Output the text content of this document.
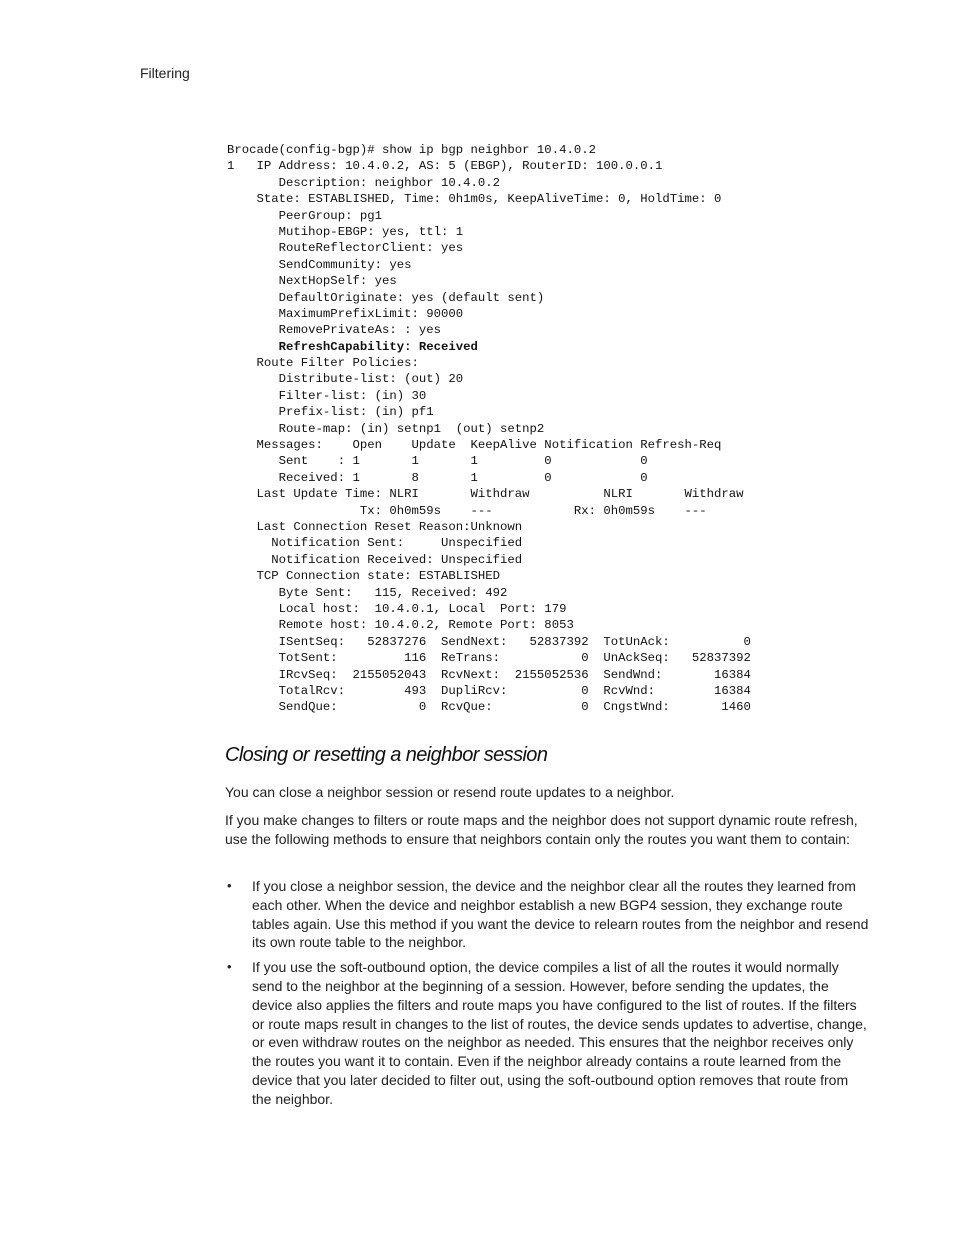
Filtering
Brocade(config-bgp)# show ip bgp neighbor 10.4.0.2
1   IP Address: 10.4.0.2, AS: 5 (EBGP), RouterID: 100.0.0.1
Description: neighbor 10.4.0.2
State: ESTABLISHED, Time: 0h1m0s, KeepAliveTime: 0, HoldTime: 0
PeerGroup: pg1
Mutihop-EBGP: yes, ttl: 1
RouteReflectorClient: yes
SendCommunity: yes
NextHopSelf: yes
DefaultOriginate: yes (default sent)
MaximumPrefixLimit: 90000
RemovePrivateAs: : yes
RefreshCapability: Received
Route Filter Policies:
Distribute-list: (out) 20
Filter-list: (in) 30
Prefix-list: (in) pf1
Route-map: (in) setnp1  (out) setnp2
Messages:    Open    Update  KeepAlive Notification Refresh-Req
Sent    : 1       1       1         0            0
Received: 1       8       1         0            0
Last Update Time: NLRI       Withdraw          NLRI       Withdraw
Tx: 0h0m59s    ---           Rx: 0h0m59s    ---
Last Connection Reset Reason:Unknown
Notification Sent:     Unspecified
Notification Received: Unspecified
TCP Connection state: ESTABLISHED
Byte Sent:   115, Received: 492
Local host:  10.4.0.1, Local  Port: 179
Remote host: 10.4.0.2, Remote Port: 8053
ISentSeq:   52837276  SendNext:   52837392  TotUnAck:          0
TotSent:         116  ReTrans:           0  UnAckSeq:   52837392
IRcvSeq:  2155052043  RcvNext:  2155052536  SendWnd:       16384
TotalRcv:        493  DupliRcv:          0  RcvWnd:        16384
SendQue:           0  RcvQue:            0  CngstWnd:       1460
Closing or resetting a neighbor session

You can close a neighbor session or resend route updates to a neighbor.

If you make changes to filters or route maps and the neighbor does not support dynamic route refresh, use the following methods to ensure that neighbors contain only the routes you want them to contain:

• If you close a neighbor session, the device and the neighbor clear all the routes they learned from each other. When the device and neighbor establish a new BGP4 session, they exchange route tables again. Use this method if you want the device to relearn routes from the neighbor and resend its own route table to the neighbor.
• If you use the soft-outbound option, the device compiles a list of all the routes it would normally send to the neighbor at the beginning of a session. However, before sending the updates, the device also applies the filters and route maps you have configured to the list of routes. If the filters or route maps result in changes to the list of routes, the device sends updates to advertise, change, or even withdraw routes on the neighbor as needed. This ensures that the neighbor receives only the routes you want it to contain. Even if the neighbor already contains a route learned from the device that you later decided to filter out, using the soft-outbound option removes that route from the neighbor.
